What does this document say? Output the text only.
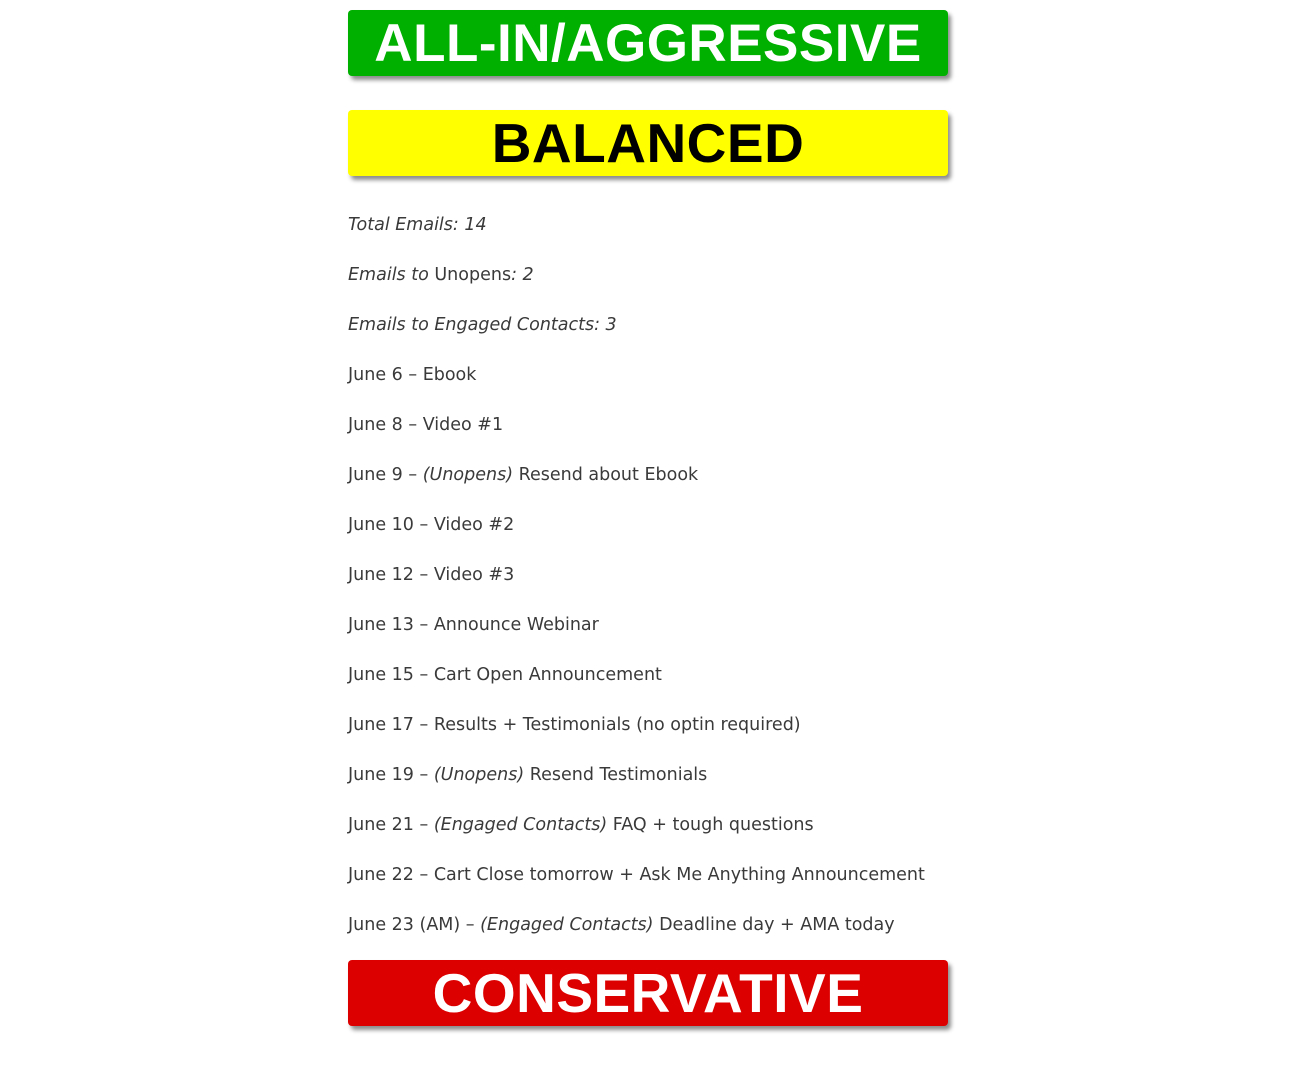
ALL-IN/AGGRESSIVE
BALANCED
Total Emails: 14
Emails to Unopens: 2
Emails to Engaged Contacts: 3
June 6 – Ebook
June 8 – Video #1
June 9 – (Unopens) Resend about Ebook
June 10 – Video #2
June 12 – Video #3
June 13 – Announce Webinar
June 15 – Cart Open Announcement
June 17 – Results + Testimonials (no optin required)
June 19 – (Unopens) Resend Testimonials
June 21 – (Engaged Contacts) FAQ + tough questions
June 22 – Cart Close tomorrow + Ask Me Anything Announcement
June 23 (AM) – (Engaged Contacts) Deadline day + AMA today
CONSERVATIVE
